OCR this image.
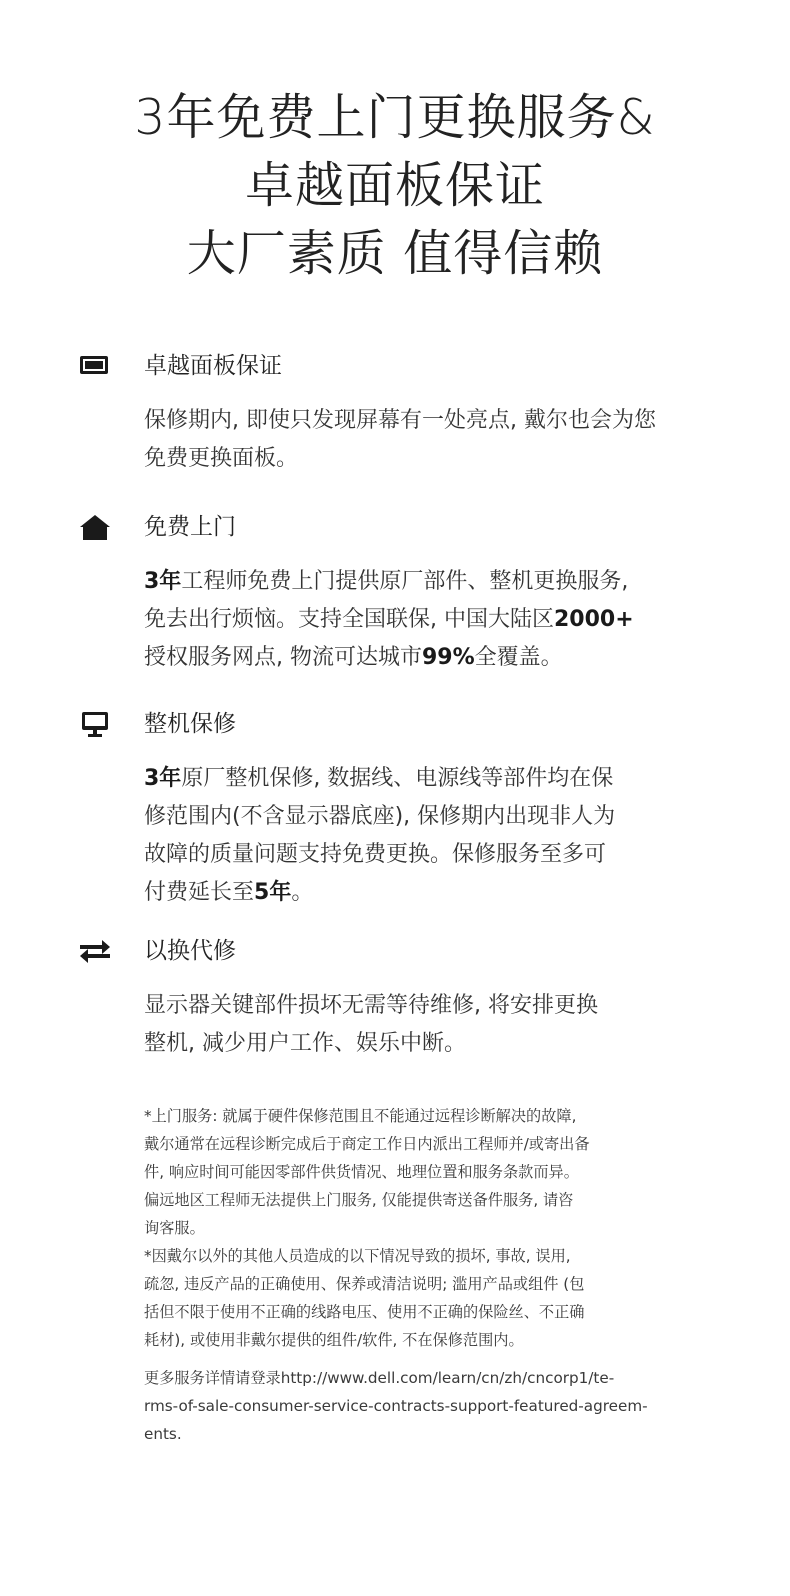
3年免费上门更换服务&
卓越面板保证
大厂素质 值得信赖
卓越面板保证
保修期内, 即使只发现屏幕有一处亮点, 戴尔也会为您
免费更换面板。
免费上门
3年工程师免费上门提供原厂部件、整机更换服务,
免去出行烦恼。支持全国联保, 中国大陆区2000+
授权服务网点, 物流可达城市99%全覆盖。
整机保修
3年原厂整机保修, 数据线、电源线等部件均在保
修范围内(不含显示器底座), 保修期内出现非人为
故障的质量问题支持免费更换。保修服务至多可
付费延长至5年。
以换代修
显示器关键部件损坏无需等待维修, 将安排更换
整机, 减少用户工作、娱乐中断。

*上门服务: 就属于硬件保修范围且不能通过远程诊断解决的故障,
戴尔通常在远程诊断完成后于商定工作日内派出工程师并/或寄出备
件, 响应时间可能因零部件供货情况、地理位置和服务条款而异。
偏远地区工程师无法提供上门服务, 仅能提供寄送备件服务, 请咨
询客服。

*因戴尔以外的其他人员造成的以下情况导致的损坏, 事故, 误用,
疏忽, 违反产品的正确使用、保养或清洁说明; 滥用产品或组件 (包
括但不限于使用不正确的线路电压、使用不正确的保险丝、不正确
耗材), 或使用非戴尔提供的组件/软件, 不在保修范围内。

更多服务详情请登录http://www.dell.com/learn/cn/zh/cncorp1/te-
rms-of-sale-consumer-service-contracts-support-featured-agreem-
ents.
